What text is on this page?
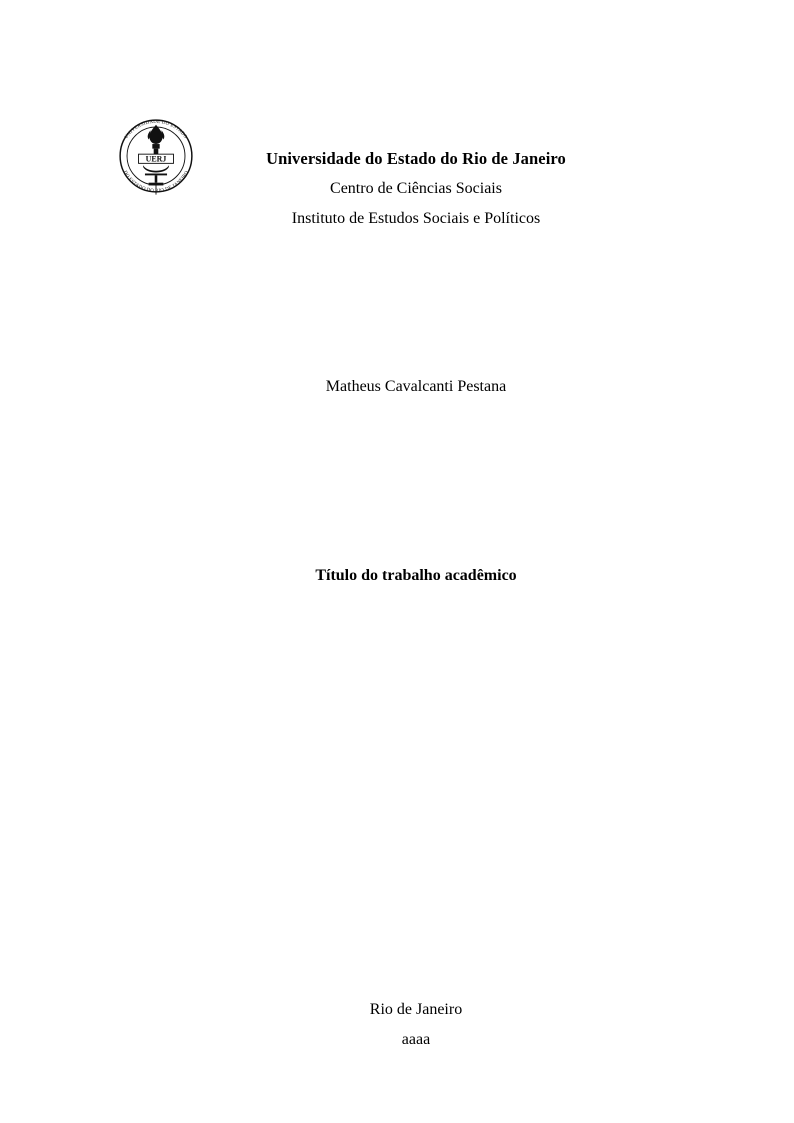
UNIVERSIDADE DO ESTADO
DO ESTADO DO RIO DE JANEIRO
UERJ	Universidade do Estado do Rio de Janeiro
Centro de Ciências Sociais
Instituto de Estudos Sociais e Políticos
Matheus Cavalcanti Pestana
Título do trabalho acadêmico
Rio de Janeiro
aaaa
